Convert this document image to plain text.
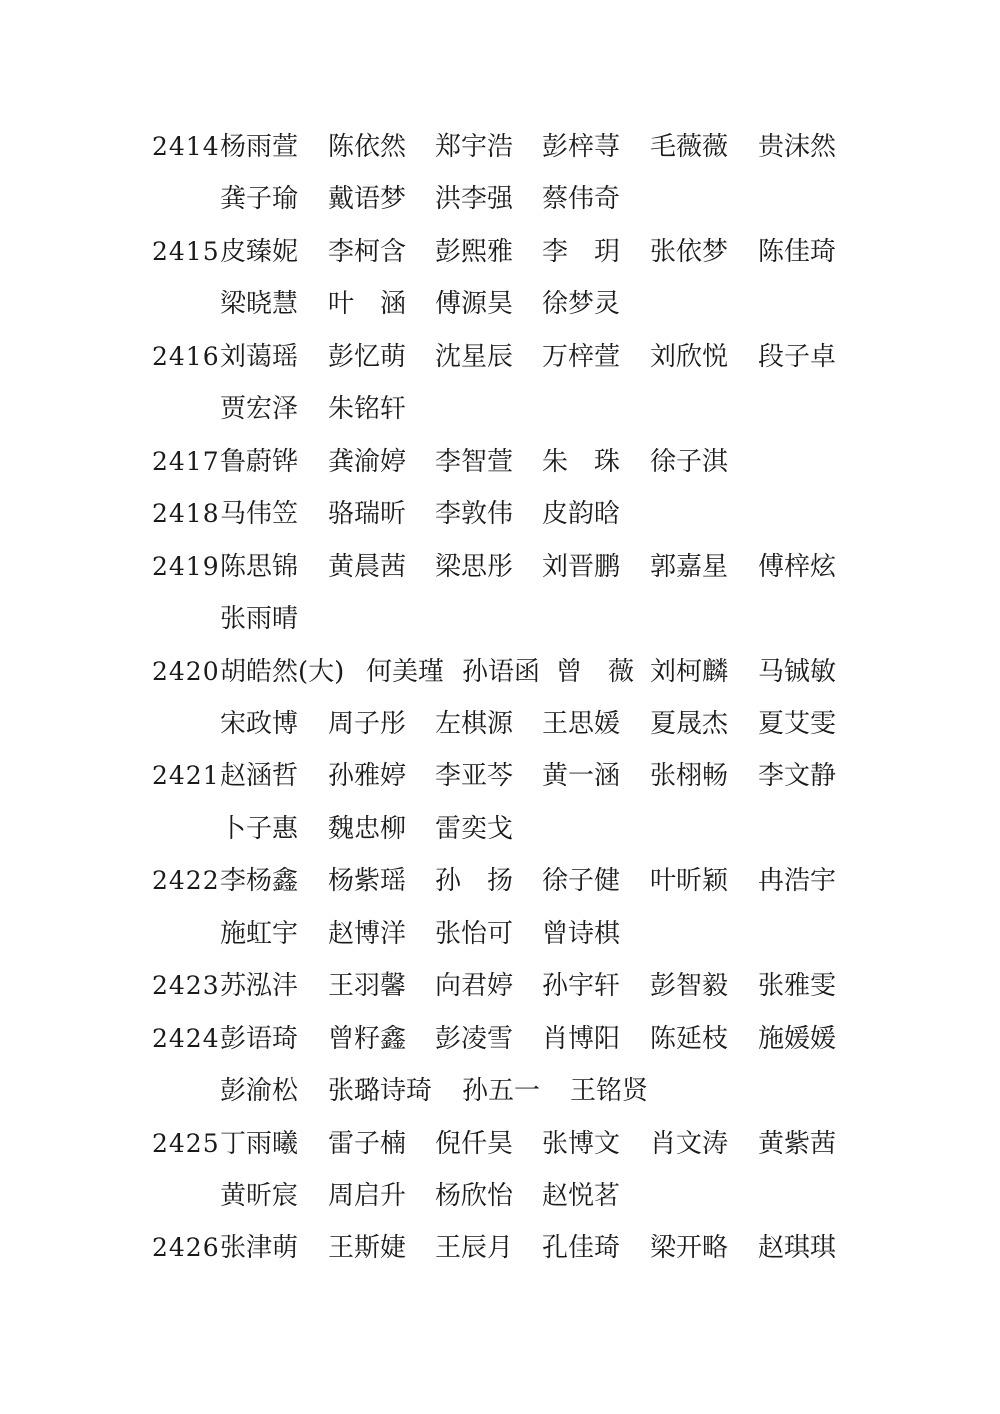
2414 杨雨萱 陈依然 郑宇浩 彭梓荨 毛薇薇 贵沫然
龚子瑜 戴语梦 洪李强 蔡伟奇
2415 皮臻妮 李柯含 彭熙雅 李　玥 张依梦 陈佳琦
梁晓慧 叶　涵 傅源昊 徐梦灵
2416 刘蔼瑶 彭忆萌 沈星辰 万梓萱 刘欣悦 段子卓
贾宏泽 朱铭轩
2417 鲁蔚铧 龚渝婷 李智萱 朱　珠 徐子淇
2418 马伟笠 骆瑞昕 李敦伟 皮韵晗
2419 陈思锦 黄晨茜 梁思彤 刘晋鹏 郭嘉星 傅梓炫
张雨晴
2420 胡皓然(大) 何美瑾 孙语函 曾　薇 刘柯麟 马铖敏
宋政博 周子彤 左棋源 王思媛 夏晟杰 夏艾雯
2421 赵涵哲 孙雅婷 李亚芩 黄一涵 张栩畅 李文静
卜子惠 魏忠柳 雷奕戈
2422 李杨鑫 杨紫瑶 孙　扬 徐子健 叶昕颖 冉浩宇
施虹宇 赵博洋 张怡可 曾诗棋
2423 苏泓沣 王羽馨 向君婷 孙宇轩 彭智毅 张雅雯
2424 彭语琦 曾籽鑫 彭凌雪 肖博阳 陈延枝 施媛媛
彭渝松 张璐诗琦 孙五一 王铭贤
2425 丁雨曦 雷子楠 倪仟昊 张博文 肖文涛 黄紫茜
黄昕宸 周启升 杨欣怡 赵悦茗
2426 张津萌 王斯婕 王辰月 孔佳琦 梁开略 赵琪琪
